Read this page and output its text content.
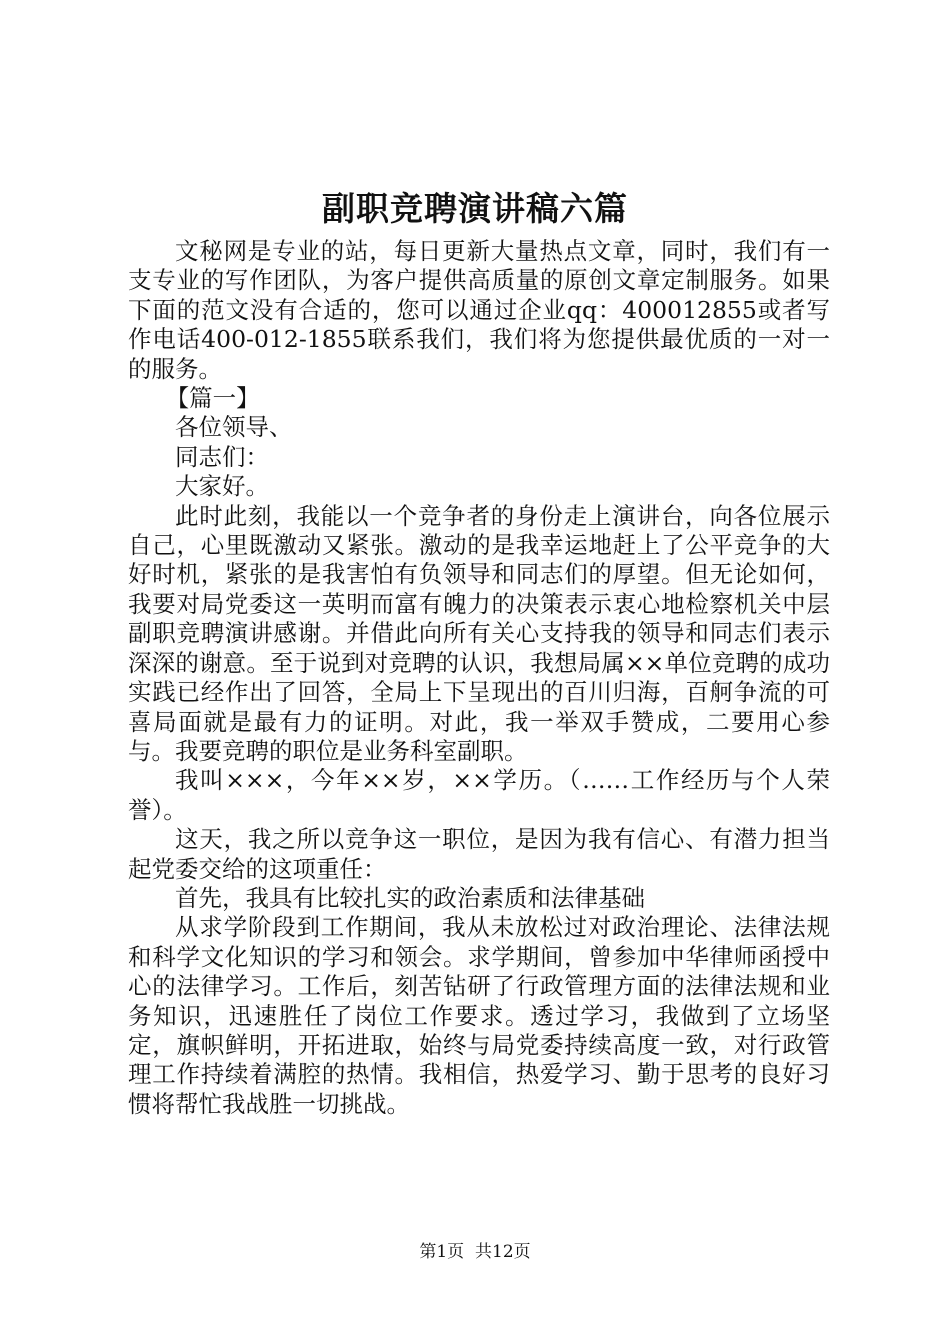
副职竞聘演讲稿六篇

文秘网是专业的站，每日更新大量热点文章，同时，我们有一支专业的写作团队，为客户提供高质量的原创文章定制服务。如果下面的范文没有合适的，您可以通过企业qq：400012855或者写作电话400-012-1855联系我们，我们将为您提供最优质的一对一的服务。

【篇一】

各位领导、

同志们：

大家好。

此时此刻，我能以一个竞争者的身份走上演讲台，向各位展示自己，心里既激动又紧张。激动的是我幸运地赶上了公平竞争的大好时机，紧张的是我害怕有负领导和同志们的厚望。但无论如何，我要对局党委这一英明而富有魄力的决策表示衷心地检察机关中层副职竞聘演讲感谢。并借此向所有关心支持我的领导和同志们表示深深的谢意。至于说到对竞聘的认识，我想局属××单位竞聘的成功实践已经作出了回答，全局上下呈现出的百川归海，百舸争流的可喜局面就是最有力的证明。对此，我一举双手赞成，二要用心参与。我要竞聘的职位是业务科室副职。

我叫×××，今年××岁，××学历。（……工作经历与个人荣誉）。

这天，我之所以竞争这一职位，是因为我有信心、有潜力担当起党委交给的这项重任：

首先，我具有比较扎实的政治素质和法律基础

从求学阶段到工作期间，我从未放松过对政治理论、法律法规和科学文化知识的学习和领会。求学期间，曾参加中华律师函授中心的法律学习。工作后，刻苦钻研了行政管理方面的法律法规和业务知识，迅速胜任了岗位工作要求。透过学习，我做到了立场坚定，旗帜鲜明，开拓进取，始终与局党委持续高度一致，对行政管理工作持续着满腔的热情。我相信，热爱学习、勤于思考的良好习惯将帮忙我战胜一切挑战。

第1页 共12页
